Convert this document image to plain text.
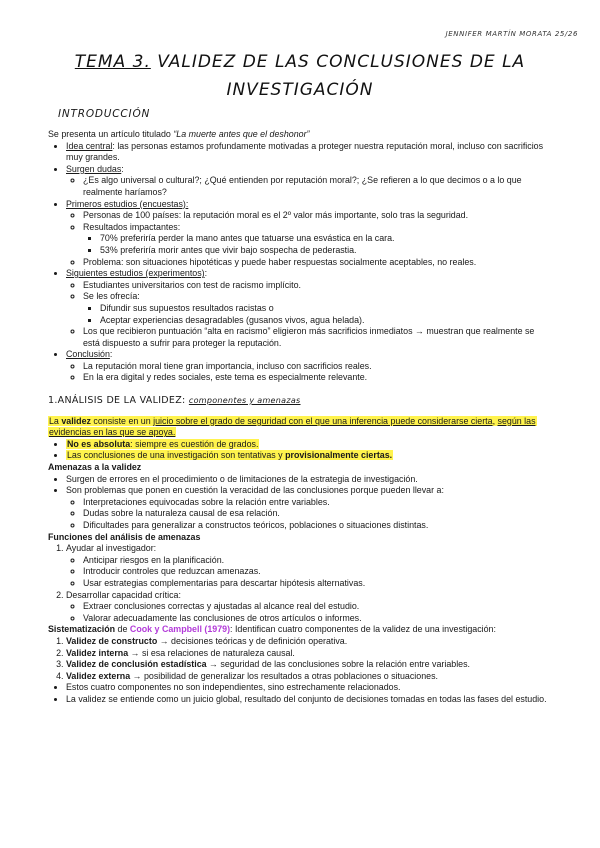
JENNIFER MARTÍN MORATA 25/26
TEMA 3. VALIDEZ DE LAS CONCLUSIONES DE LA
INVESTIGACIÓN
INTRODUCCIÓN

Se presenta un artículo titulado “La muerte antes que el deshonor”

• Idea central: las personas estamos profundamente motivadas a proteger nuestra reputación moral, incluso con sacrificios muy grandes.
• Surgen dudas:
◦ ¿Es algo universal o cultural?; ¿Qué entienden por reputación moral?; ¿Se refieren a lo que decimos o a lo que realmente haríamos?
• Primeros estudios (encuestas):
◦ Personas de 100 países: la reputación moral es el 2º valor más importante, solo tras la seguridad.
◦ Resultados impactantes:
▪ 70% preferiría perder la mano antes que tatuarse una esvástica en la cara.
▪ 53% preferiría morir antes que vivir bajo sospecha de pederastia.
◦ Problema: son situaciones hipotéticas y puede haber respuestas socialmente aceptables, no reales.
• Siguientes estudios (experimentos):
◦ Estudiantes universitarios con test de racismo implícito.
◦ Se les ofrecía:
▪ Difundir sus supuestos resultados racistas o
▪ Aceptar experiencias desagradables (gusanos vivos, agua helada).
◦ Los que recibieron puntuación “alta en racismo” eligieron más sacrificios inmediatos → muestran que realmente se está dispuesto a sufrir para proteger la reputación.
• Conclusión:
◦ La reputación moral tiene gran importancia, incluso con sacrificios reales.
◦ En la era digital y redes sociales, este tema es especialmente relevante.
1.ANÁLISIS DE LA VALIDEZ: componentes y amenazas

La validez consiste en un juicio sobre el grado de seguridad con el que una inferencia puede considerarse cierta, según las evidencias en las que se apoya.

• No es absoluta: siempre es cuestión de grados.
• Las conclusiones de una investigación son tentativas y provisionalmente ciertas.

Amenazas a la validez

• Surgen de errores en el procedimiento o de limitaciones de la estrategia de investigación.
• Son problemas que ponen en cuestión la veracidad de las conclusiones porque pueden llevar a:
◦ Interpretaciones equivocadas sobre la relación entre variables.
◦ Dudas sobre la naturaleza causal de esa relación.
◦ Dificultades para generalizar a constructos teóricos, poblaciones o situaciones distintas.

Funciones del análisis de amenazas

1. Ayudar al investigador:
◦ Anticipar riesgos en la planificación.
◦ Introducir controles que reduzcan amenazas.
◦ Usar estrategias complementarias para descartar hipótesis alternativas.
2. Desarrollar capacidad crítica:
◦ Extraer conclusiones correctas y ajustadas al alcance real del estudio.
◦ Valorar adecuadamente las conclusiones de otros artículos o informes.

Sistematización de Cook y Campbell (1979): Identifican cuatro componentes de la validez de una investigación:

1. Validez de constructo → decisiones teóricas y de definición operativa.
2. Validez interna → si esa relaciones de naturaleza causal.
3. Validez de conclusión estadística → seguridad de las conclusiones sobre la relación entre variables.
4. Validez externa → posibilidad de generalizar los resultados a otras poblaciones o situaciones.
• Estos cuatro componentes no son independientes, sino estrechamente relacionados.
• La validez se entiende como un juicio global, resultado del conjunto de decisiones tomadas en todas las fases del estudio.
